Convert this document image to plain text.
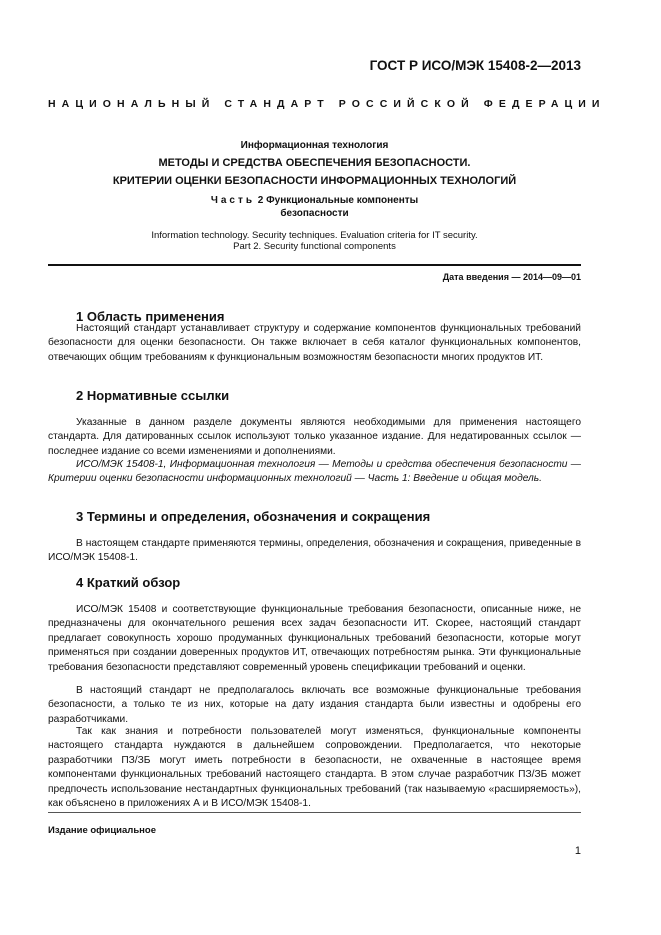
ГОСТ Р ИСО/МЭК 15408-2—2013
НАЦИОНАЛЬНЫЙ СТАНДАРТ РОССИЙСКОЙ ФЕДЕРАЦИИ
Информационная технология
МЕТОДЫ И СРЕДСТВА ОБЕСПЕЧЕНИЯ БЕЗОПАСНОСТИ.
КРИТЕРИИ ОЦЕНКИ БЕЗОПАСНОСТИ ИНФОРМАЦИОННЫХ ТЕХНОЛОГИЙ
Часть 2 Функциональные компоненты
безопасности
Information technology. Security techniques. Evaluation criteria for IT security.
Part 2. Security functional components
Дата введения — 2014—09—01
1 Область применения

Настоящий стандарт устанавливает структуру и содержание компонентов функциональных требований безопасности для оценки безопасности. Он также включает в себя каталог функциональных компонентов, отвечающих общим требованиям к функциональным возможностям безопасности многих продуктов ИТ.

2 Нормативные ссылки

Указанные в данном разделе документы являются необходимыми для применения настоящего стандарта. Для датированных ссылок используют только указанное издание. Для недатированных ссылок — последнее издание со всеми изменениями и дополнениями.

ИСО/МЭК 15408-1, Информационная технология — Методы и средства обеспечения безопасности — Критерии оценки безопасности информационных технологий — Часть 1: Введение и общая модель.

3 Термины и определения, обозначения и сокращения

В настоящем стандарте применяются термины, определения, обозначения и сокращения, приведенные в ИСО/МЭК 15408-1.

4 Краткий обзор

ИСО/МЭК 15408 и соответствующие функциональные требования безопасности, описанные ниже, не предназначены для окончательного решения всех задач безопасности ИТ. Скорее, настоящий стандарт предлагает совокупность хорошо продуманных функциональных требований безопасности, которые могут применяться при создании доверенных продуктов ИТ, отвечающих потребностям рынка. Эти функциональные требования безопасности представляют современный уровень спецификации требований и оценки.

В настоящий стандарт не предполагалось включать все возможные функциональные требования безопасности, а только те из них, которые на дату издания стандарта были известны и одобрены его разработчиками.

Так как знания и потребности пользователей могут изменяться, функциональные компоненты настоящего стандарта нуждаются в дальнейшем сопровождении. Предполагается, что некоторые разработчики ПЗ/ЗБ могут иметь потребности в безопасности, не охваченные в настоящее время компонентами функциональных требований настоящего стандарта. В этом случае разработчик ПЗ/ЗБ может предпочесть использование нестандартных функциональных требований (так называемую «расширяемость»), как объяснено в приложениях А и В ИСО/МЭК 15408-1.

Издание официальное
1
